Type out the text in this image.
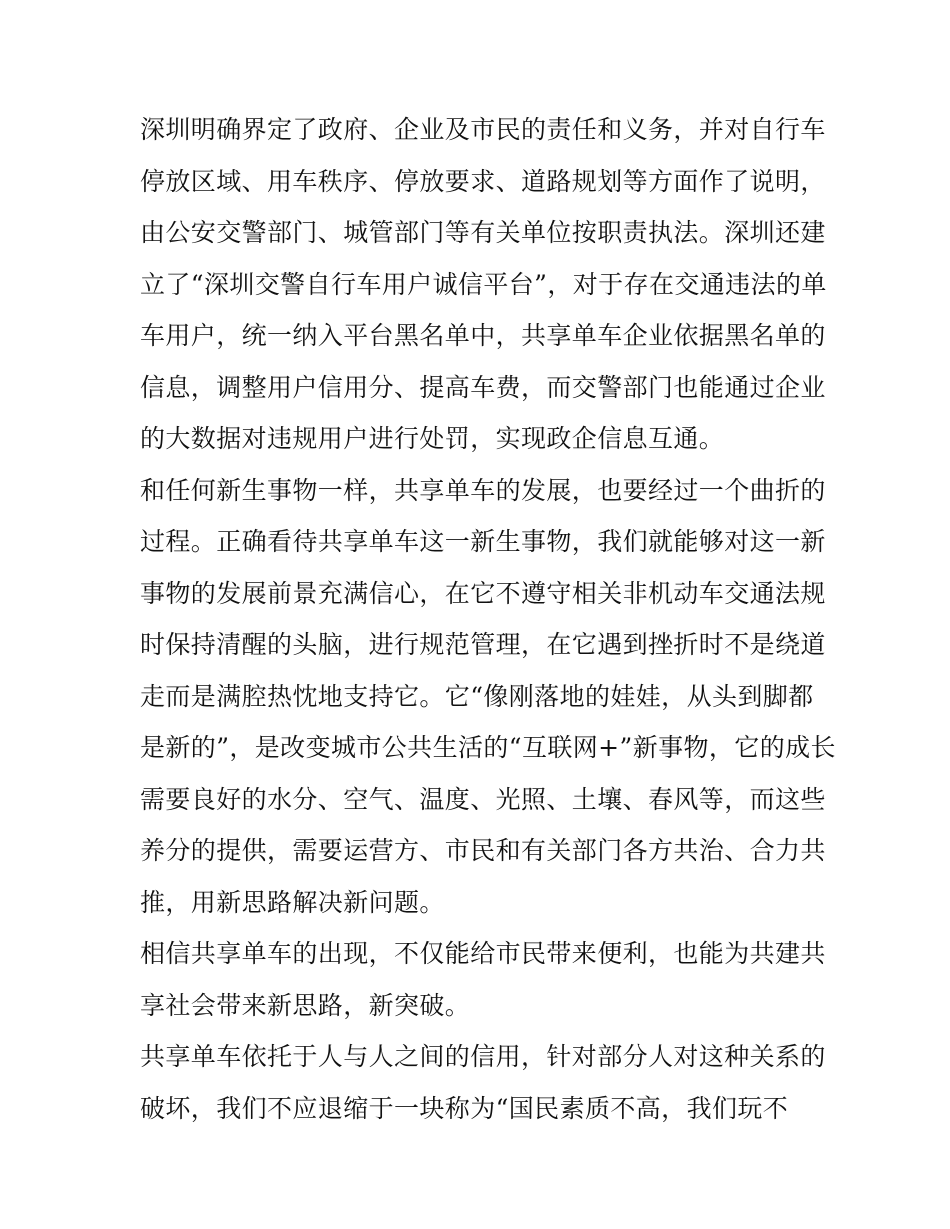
深圳明确界定了政府、企业及市民的责任和义务，并对自行车
停放区域、用车秩序、停放要求、道路规划等方面作了说明，
由公安交警部门、城管部门等有关单位按职责执法。深圳还建
立了“深圳交警自行车用户诚信平台”，对于存在交通违法的单
车用户，统一纳入平台黑名单中，共享单车企业依据黑名单的
信息，调整用户信用分、提高车费，而交警部门也能通过企业
的大数据对违规用户进行处罚，实现政企信息互通。
和任何新生事物一样，共享单车的发展，也要经过一个曲折的
过程。正确看待共享单车这一新生事物，我们就能够对这一新
事物的发展前景充满信心，在它不遵守相关非机动车交通法规
时保持清醒的头脑，进行规范管理，在它遇到挫折时不是绕道
走而是满腔热忱地支持它。它“像刚落地的娃娃，从头到脚都
是新的”，是改变城市公共生活的“互联网+”新事物，它的成长
需要良好的水分、空气、温度、光照、土壤、春风等，而这些
养分的提供，需要运营方、市民和有关部门各方共治、合力共
推，用新思路解决新问题。
相信共享单车的出现，不仅能给市民带来便利，也能为共建共
享社会带来新思路，新突破。
共享单车依托于人与人之间的信用，针对部分人对这种关系的
破坏，我们不应退缩于一块称为“国民素质不高，我们玩不
